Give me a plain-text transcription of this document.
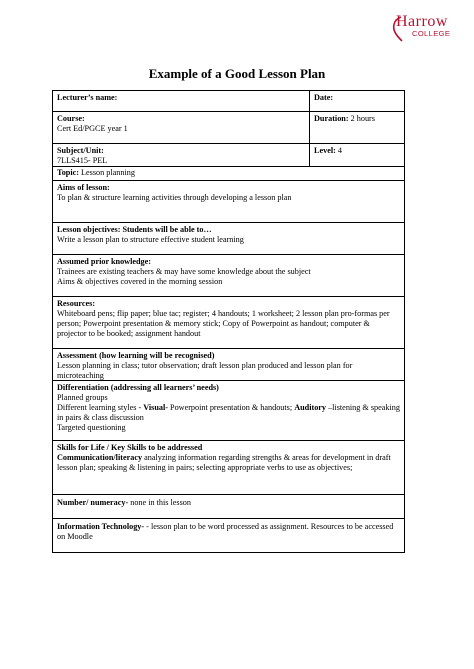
Harrow
COLLEGE
Example of a Good Lesson Plan
Lecturer’s name:	Date:
Course:
Cert Ed/PGCE year 1
Duration: 2 hours
Subject/Unit:
7LLS415- PEL
Level: 4
Topic: Lesson planning
Aims of lesson:
To plan & structure learning activities through developing a lesson plan
Lesson objectives: Students will be able to…
Write a lesson plan to structure effective student learning
Assumed prior knowledge:
Trainees are existing teachers & may have some knowledge about the subject
Aims & objectives covered in the morning session
Resources:
Whiteboard pens; flip paper; blue tac; register; 4 handouts; 1 worksheet; 2 lesson plan pro-formas per person; Powerpoint presentation & memory stick; Copy of Powerpoint as handout; computer & projector to be booked; assignment handout
Assessment (how learning will be recognised)
Lesson planning in class; tutor observation; draft lesson plan produced and lesson plan for microteaching
Differentiation (addressing all learners’ needs)
Planned groups
Different learning styles - Visual- Powerpoint presentation & handouts; Auditory –listening & speaking in pairs & class discussion
Targeted questioning
Skills for Life / Key Skills to be addressed
Communication/literacy analyzing information regarding strengths & areas for development in draft lesson plan; speaking & listening in pairs; selecting appropriate verbs to use as objectives;
Number/ numeracy- none in this lesson
Information Technology- - lesson plan to be word processed as assignment. Resources to be accessed on Moodle
